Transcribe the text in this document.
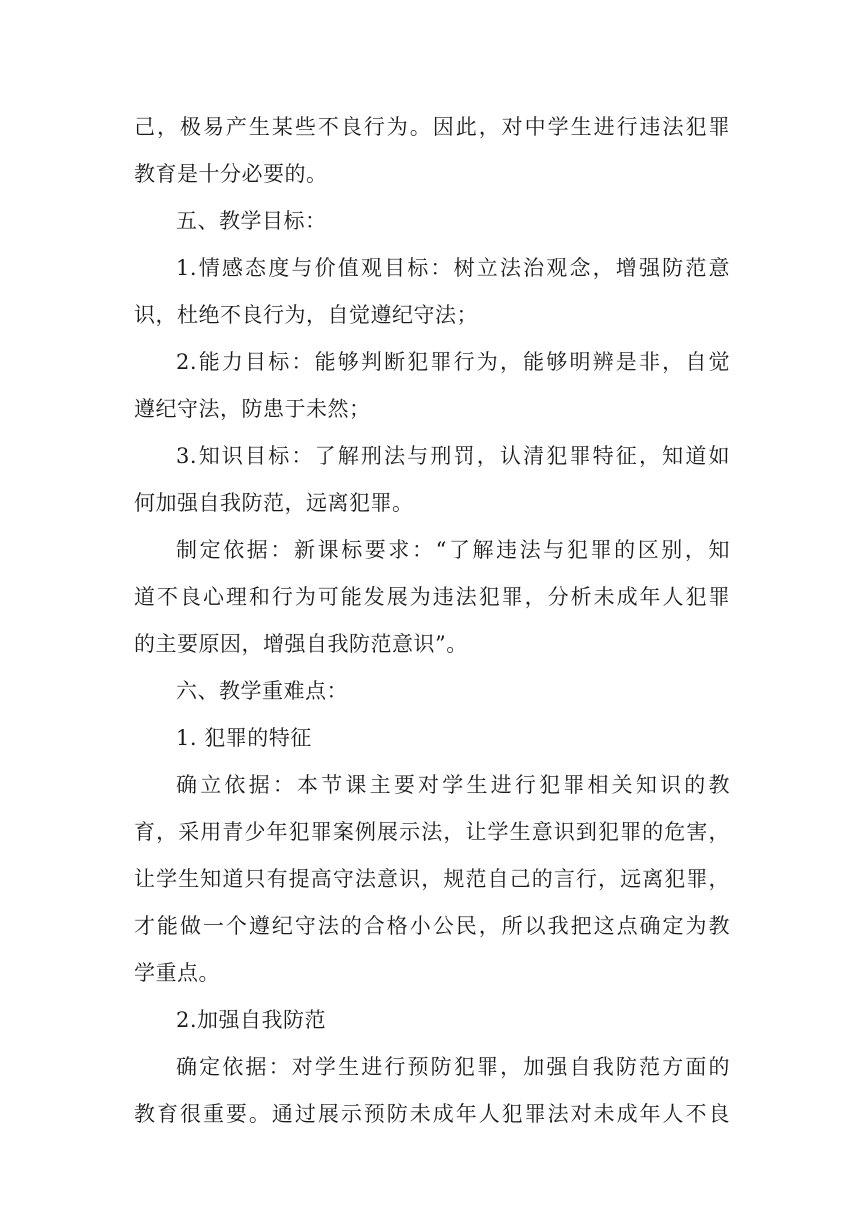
己，极易产生某些不良行为。因此，对中学生进行违法犯罪
教育是十分必要的。
五、教学目标：
1.情感态度与价值观目标：树立法治观念，增强防范意
识，杜绝不良行为，自觉遵纪守法；
2.能力目标：能够判断犯罪行为，能够明辨是非，自觉
遵纪守法，防患于未然；
3.知识目标：了解刑法与刑罚，认清犯罪特征，知道如
何加强自我防范，远离犯罪。
制定依据：新课标要求：“了解违法与犯罪的区别，知
道不良心理和行为可能发展为违法犯罪，分析未成年人犯罪
的主要原因，增强自我防范意识”。
六、教学重难点：
1. 犯罪的特征
确立依据：本节课主要对学生进行犯罪相关知识的教
育，采用青少年犯罪案例展示法，让学生意识到犯罪的危害，
让学生知道只有提高守法意识，规范自己的言行，远离犯罪，
才能做一个遵纪守法的合格小公民，所以我把这点确定为教
学重点。
2.加强自我防范
确定依据：对学生进行预防犯罪，加强自我防范方面的
教育很重要。通过展示预防未成年人犯罪法对未成年人不良
